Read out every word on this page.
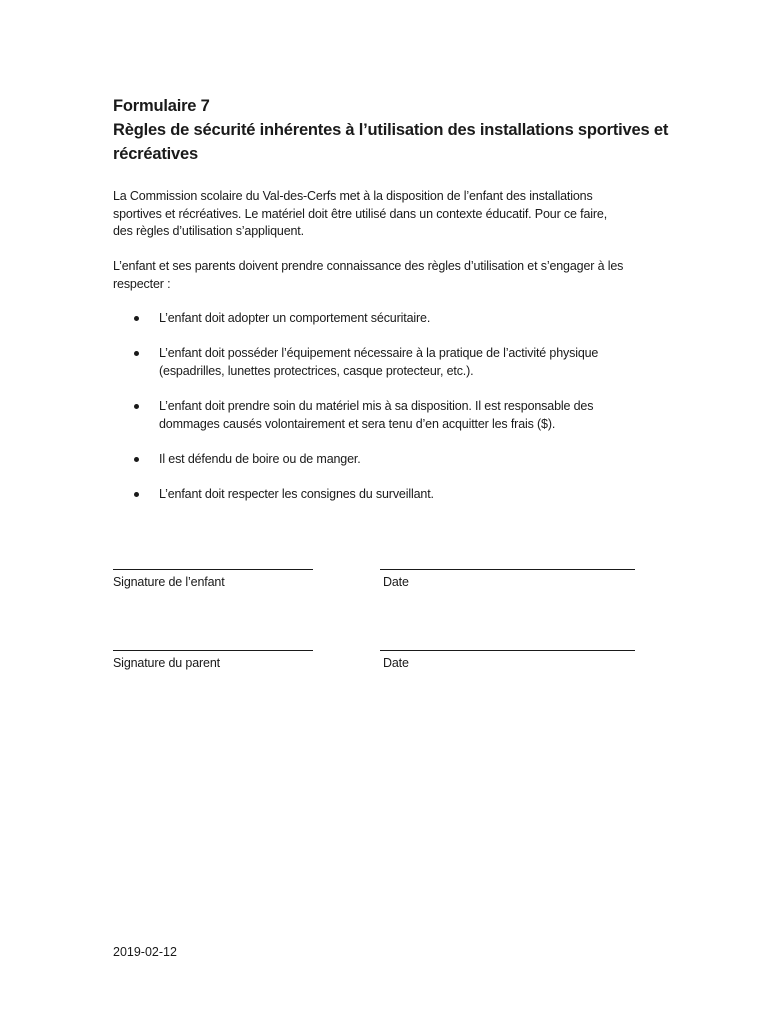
Formulaire 7
Règles de sécurité inhérentes à l’utilisation des installations sportives et
récréatives
La Commission scolaire du Val-des-Cerfs met à la disposition de l’enfant des installations
sportives et récréatives. Le matériel doit être utilisé dans un contexte éducatif. Pour ce faire,
des règles d’utilisation s’appliquent.
L’enfant et ses parents doivent prendre connaissance des règles d’utilisation et s’engager à les
respecter :
L’enfant doit adopter un comportement sécuritaire.
L’enfant doit posséder l’équipement nécessaire à la pratique de l’activité physique
(espadrilles, lunettes protectrices, casque protecteur, etc.).
L’enfant doit prendre soin du matériel mis à sa disposition. Il est responsable des
dommages causés volontairement et sera tenu d’en acquitter les frais ($).
Il est défendu de boire ou de manger.
L’enfant doit respecter les consignes du surveillant.
Signature de l’enfant	Date
Signature du parent	Date
2019-02-12
